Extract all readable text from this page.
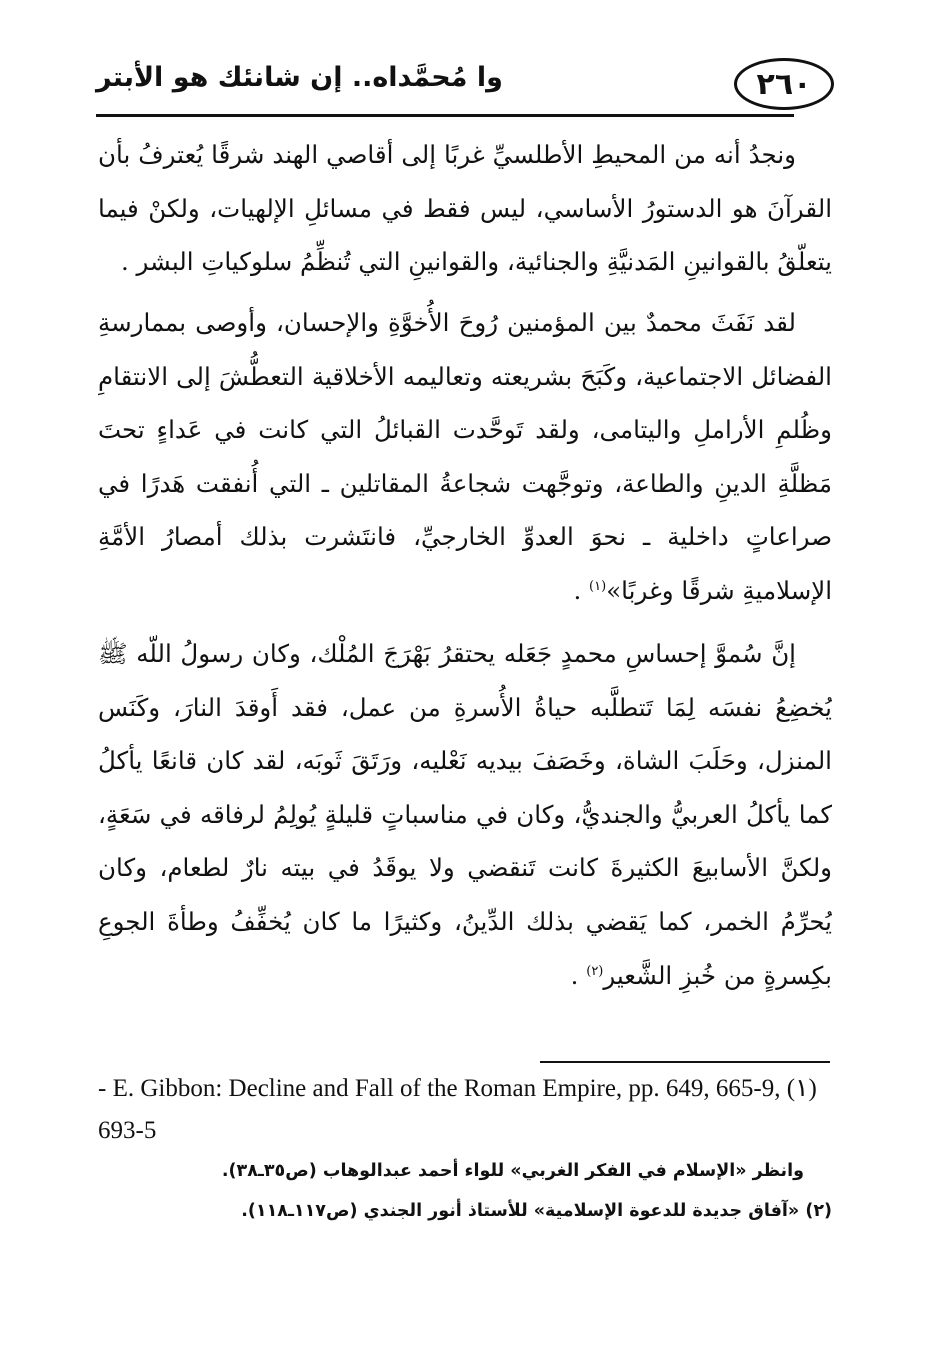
٢٦٠
وا مُحمَّداه.. إن شانئك هو الأبتر

ونجدُ أنه من المحيطِ الأطلسيِّ غربًا إلى أقاصي الهند شرقًا يُعترفُ بأن القرآنَ هو الدستورُ الأساسي، ليس فقط في مسائلِ الإلهيات، ولكنْ فيما يتعلّقُ بالقوانينِ المَدنيَّةِ والجنائية، والقوانينِ التي تُنظِّمُ سلوكياتِ البشر .

لقد نَفَثَ محمدٌ بين المؤمنين رُوحَ الأُخوَّةِ والإحسان، وأوصى بممارسةِ الفضائل الاجتماعية، وكَبَحَ بشريعته وتعاليمه الأخلاقية التعطُّشَ إلى الانتقامِ وظُلمِ الأراملِ واليتامى، ولقد تَوحَّدت القبائلُ التي كانت في عَداءٍ تحتَ مَظلَّةِ الدينِ والطاعة، وتوجَّهت شجاعةُ المقاتلين ـ التي أُنفقت هَدرًا في صراعاتٍ داخلية ـ نحوَ العدوِّ الخارجيِّ، فانتَشرت بذلك أمصارُ الأمَّةِ الإسلاميةِ شرقًا وغربًا»$^{(١)}$ .

إنَّ سُموَّ إحساسِ محمدٍ جَعَله يحتقرُ بَهْرَجَ المُلْك، وكان رسولُ اللّه ﷺ يُخضِعُ نفسَه لِمَا تَتطلَّبه حياةُ الأُسرةِ من عمل، فقد أَوقدَ النارَ، وكَنَس المنزل، وحَلَبَ الشاة، وخَصَفَ بيديه نَعْليه، ورَتَقَ ثَوبَه، لقد كان قانعًا يأكلُ كما يأكلُ العربيُّ والجنديُّ، وكان في مناسباتٍ قليلةٍ يُولِمُ لرفاقه في سَعَةٍ، ولكنَّ الأسابيعَ الكثيرةَ كانت تَنقضي ولا يوقَدُ في بيته نارٌ لطعام، وكان يُحرِّمُ الخمر، كما يَقضي بذلك الدِّينُ، وكثيرًا ما كان يُخفِّفُ وطأةَ الجوعِ بكِسرةٍ من خُبزِ الشَّعير$^{(٢)}$ .

- E. Gibbon: Decline and Fall of the Roman Empire, pp. 649, 665-9, (١)
693-5
وانظر «الإسلام في الفكر الغربي» للواء أحمد عبدالوهاب (ص٣٥ـ٣٨).
(٢) «آفاق جديدة للدعوة الإسلامية» للأستاذ أنور الجندي (ص١١٧ـ١١٨).
